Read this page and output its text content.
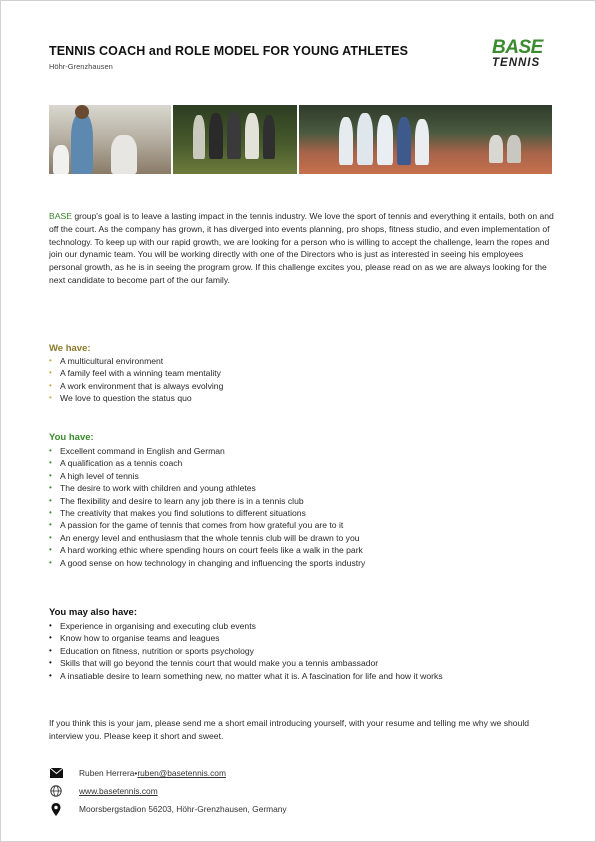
TENNIS COACH and ROLE MODEL FOR YOUNG ATHLETES
Höhr-Grenzhausen
BASE
TENNIS
BASE group's goal is to leave a lasting impact in the tennis industry. We love the sport of tennis and everything it entails, both on and off the court. As the company has grown, it has diverged into events planning, pro shops, fitness studio, and even implementation of technology. To keep up with our rapid growth, we are looking for a person who is willing to accept the challenge, learn the ropes and join our dynamic team. You will be working directly with one of the Directors who is just as interested in seeing his employees personal growth, as he is in seeing the program grow. If this challenge excites you, please read on as we are always looking for the next candidate to become part of the our family.
We have:
• A multicultural environment
• A family feel with a winning team mentality
• A work environment that is always evolving
• We love to question the status quo
You have:
• Excellent command in English and German
• A qualification as a tennis coach
• A high level of tennis
• The desire to work with children and young athletes
• The flexibility and desire to learn any job there is in a tennis club
• The creativity that makes you find solutions to different situations
• A passion for the game of tennis that comes from how grateful you are to it
• An energy level and enthusiasm that the whole tennis club will be drawn to you
• A hard working ethic where spending hours on court feels like a walk in the park
• A good sense on how technology in changing and influencing the sports industry
You may also have:
• Experience in organising and executing club events
• Know how to organise teams and leagues
• Education on fitness, nutrition or sports psychology
• Skills that will go beyond the tennis court that would make you a tennis ambassador
• A insatiable desire to learn something new, no matter what it is. A fascination for life and how it works
If you think this is your jam, please send me a short email introducing yourself, with your resume and telling me why we should interview you. Please keep it short and sweet.
Ruben Herrera • ruben@basetennis.com
www.basetennis.com
Moorsbergstadion 56203, Höhr-Grenzhausen, Germany
